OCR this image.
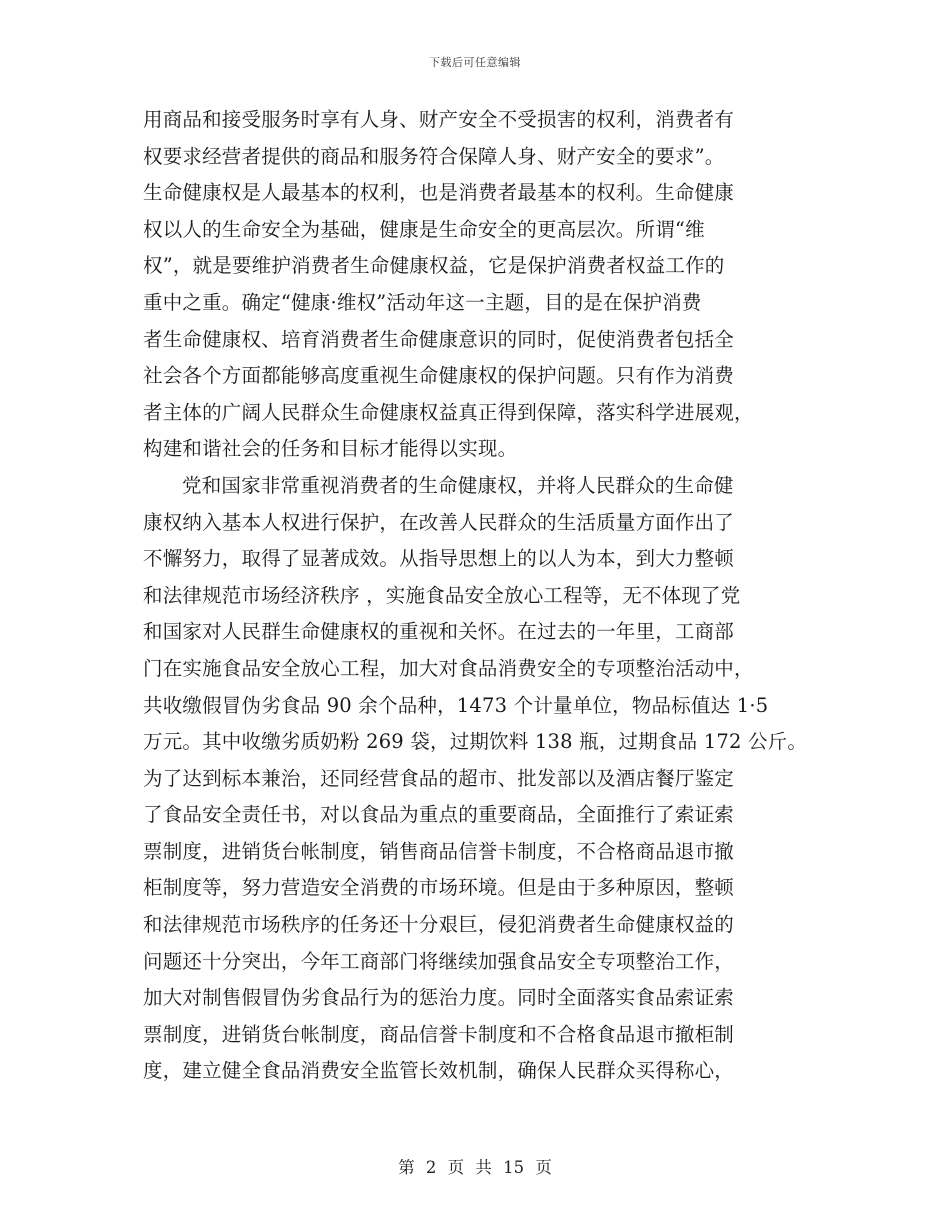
下载后可任意编辑
用商品和接受服务时享有人身、财产安全不受损害的权利，消费者有
权要求经营者提供的商品和服务符合保障人身、财产安全的要求”。
生命健康权是人最基本的权利，也是消费者最基本的权利。生命健康
权以人的生命安全为基础，健康是生命安全的更高层次。所谓“维
权”，就是要维护消费者生命健康权益，它是保护消费者权益工作的
重中之重。确定“健康·维权”活动年这一主题，目的是在保护消费
者生命健康权、培育消费者生命健康意识的同时，促使消费者包括全
社会各个方面都能够高度重视生命健康权的保护问题。只有作为消费
者主体的广阔人民群众生命健康权益真正得到保障，落实科学进展观，
构建和谐社会的任务和目标才能得以实现。
党和国家非常重视消费者的生命健康权，并将人民群众的生命健
康权纳入基本人权进行保护，在改善人民群众的生活质量方面作出了
不懈努力，取得了显著成效。从指导思想上的以人为本，到大力整顿
和法律规范市场经济秩序 ，实施食品安全放心工程等，无不体现了党
和国家对人民群生命健康权的重视和关怀。在过去的一年里，工商部
门在实施食品安全放心工程，加大对食品消费安全的专项整治活动中，
共收缴假冒伪劣食品 90 余个品种，1473 个计量单位，物品标值达 1·5
万元。其中收缴劣质奶粉 269 袋，过期饮料 138 瓶，过期食品 172 公斤。
为了达到标本兼治，还同经营食品的超市、批发部以及酒店餐厅鉴定
了食品安全责任书，对以食品为重点的重要商品，全面推行了索证索
票制度，进销货台帐制度，销售商品信誉卡制度，不合格商品退市撤
柜制度等，努力营造安全消费的市场环境。但是由于多种原因，整顿
和法律规范市场秩序的任务还十分艰巨，侵犯消费者生命健康权益的
问题还十分突出，今年工商部门将继续加强食品安全专项整治工作，
加大对制售假冒伪劣食品行为的惩治力度。同时全面落实食品索证索
票制度，进销货台帐制度，商品信誉卡制度和不合格食品退市撤柜制
度，建立健全食品消费安全监管长效机制，确保人民群众买得称心，
第 2 页 共 15 页
